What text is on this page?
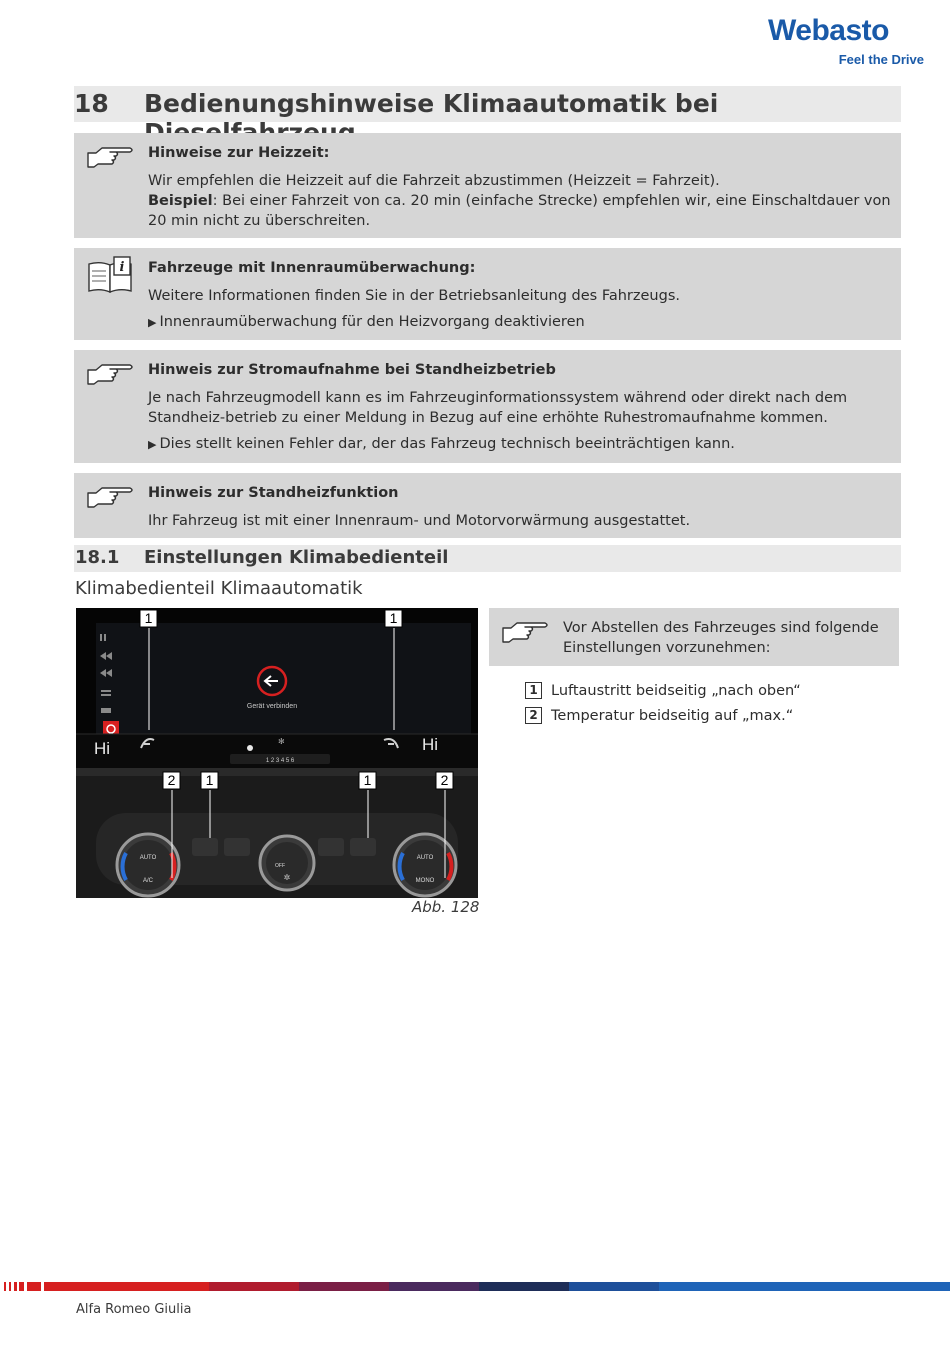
Webasto
Feel the Drive
18 Bedienungshinweise Klimaautomatik bei
Hinweise zur Heizzeit:

Wir empfehlen die Heizzeit auf die Fahrzeit abzustimmen (Heizzeit = Fahrzeit).

Beispiel: Bei einer Fahrzeit von ca. 20 min (einfache Strecke) empfehlen wir, eine Einschaltdauer von 20 min nicht zu überschreiten.

i Fahrzeuge mit Innenraumüberwachung:

Weitere Informationen finden Sie in der Betriebsanleitung des Fahrzeugs.

▶ Innenraumüberwachung für den Heizvorgang deaktivieren

Hinweis zur Stromaufnahme bei Standheizbetrieb

Je nach Fahrzeugmodell kann es im Fahrzeuginformationssystem während oder direkt nach dem Standheiz-betrieb zu einer Meldung in Bezug auf eine erhöhte Ruhestromaufnahme kommen.

▶ Dies stellt keinen Fehler dar, der das Fahrzeug technisch beeinträchtigen kann.

Hinweis zur Standheizfunktion

Ihr Fahrzeug ist mit einer Innenraum- und Motorvorwärmung ausgestattet.

18.1 Einstellungen Klimabedienteil
Klimabedienteil Klimaautomatik
Gerät verbinden
Hi	Hi
✻
1 2 3 4 5 6
AUTO
A/C
OFF
✲
AUTO
MONO
1	1
2 1	1	2
Abb. 128
Vor Abstellen des Fahrzeuges sind folgende Einstellungen vorzunehmen:
1 Luftaustritt beidseitig „nach oben“
2 Temperatur beidseitig auf „max.“
Alfa Romeo Giulia
